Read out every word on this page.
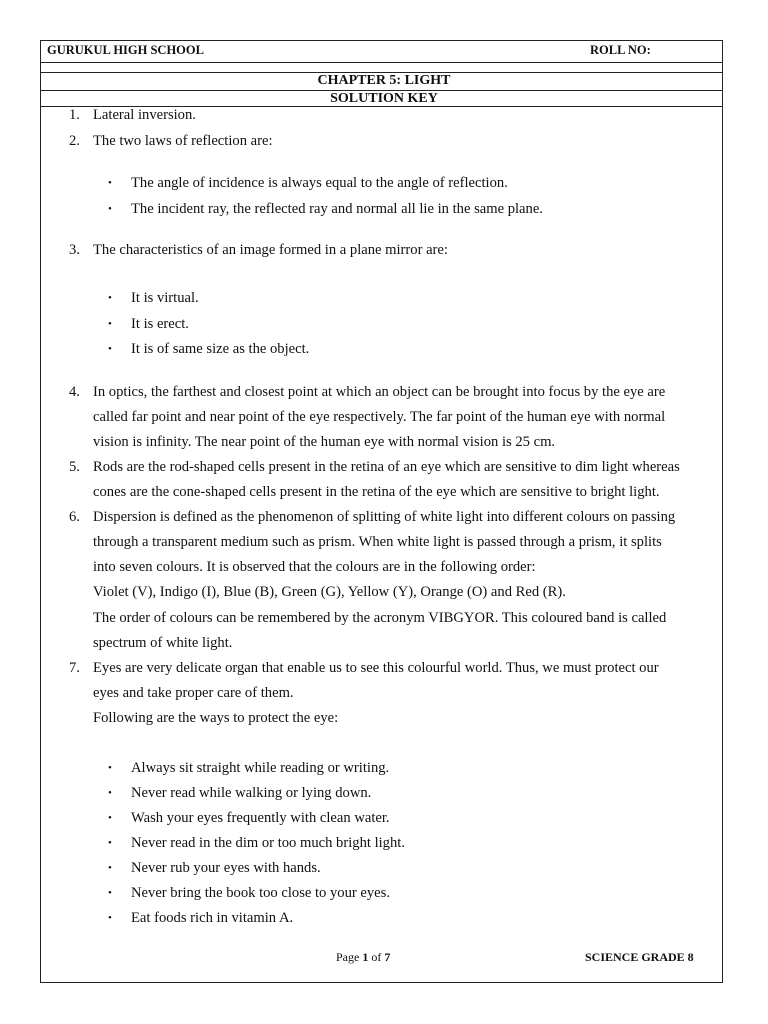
GURUKUL HIGH SCHOOL	ROLL NO:
CHAPTER 5: LIGHT
SOLUTION KEY
1. Lateral inversion.
2. The two laws of reflection are:
• The angle of incidence is always equal to the angle of reflection.
• The incident ray, the reflected ray and normal all lie in the same plane.
3. The characteristics of an image formed in a plane mirror are:
• It is virtual.
• It is erect.
• It is of same size as the object.
4. In optics, the farthest and closest point at which an object can be brought into focus by the eye are
called far point and near point of the eye respectively. The far point of the human eye with normal
vision is infinity. The near point of the human eye with normal vision is 25 cm.
5. Rods are the rod-shaped cells present in the retina of an eye which are sensitive to dim light whereas
cones are the cone-shaped cells present in the retina of the eye which are sensitive to bright light.
6. Dispersion is defined as the phenomenon of splitting of white light into different colours on passing
through a transparent medium such as prism. When white light is passed through a prism, it splits
into seven colours. It is observed that the colours are in the following order:
Violet (V), Indigo (I), Blue (B), Green (G), Yellow (Y), Orange (O) and Red (R).
The order of colours can be remembered by the acronym VIBGYOR. This coloured band is called
spectrum of white light.
7. Eyes are very delicate organ that enable us to see this colourful world. Thus, we must protect our
eyes and take proper care of them.
Following are the ways to protect the eye:
• Always sit straight while reading or writing.
• Never read while walking or lying down.
• Wash your eyes frequently with clean water.
• Never read in the dim or too much bright light.
• Never rub your eyes with hands.
• Never bring the book too close to your eyes.
• Eat foods rich in vitamin A.
Page 1 of 7	SCIENCE GRADE 8
